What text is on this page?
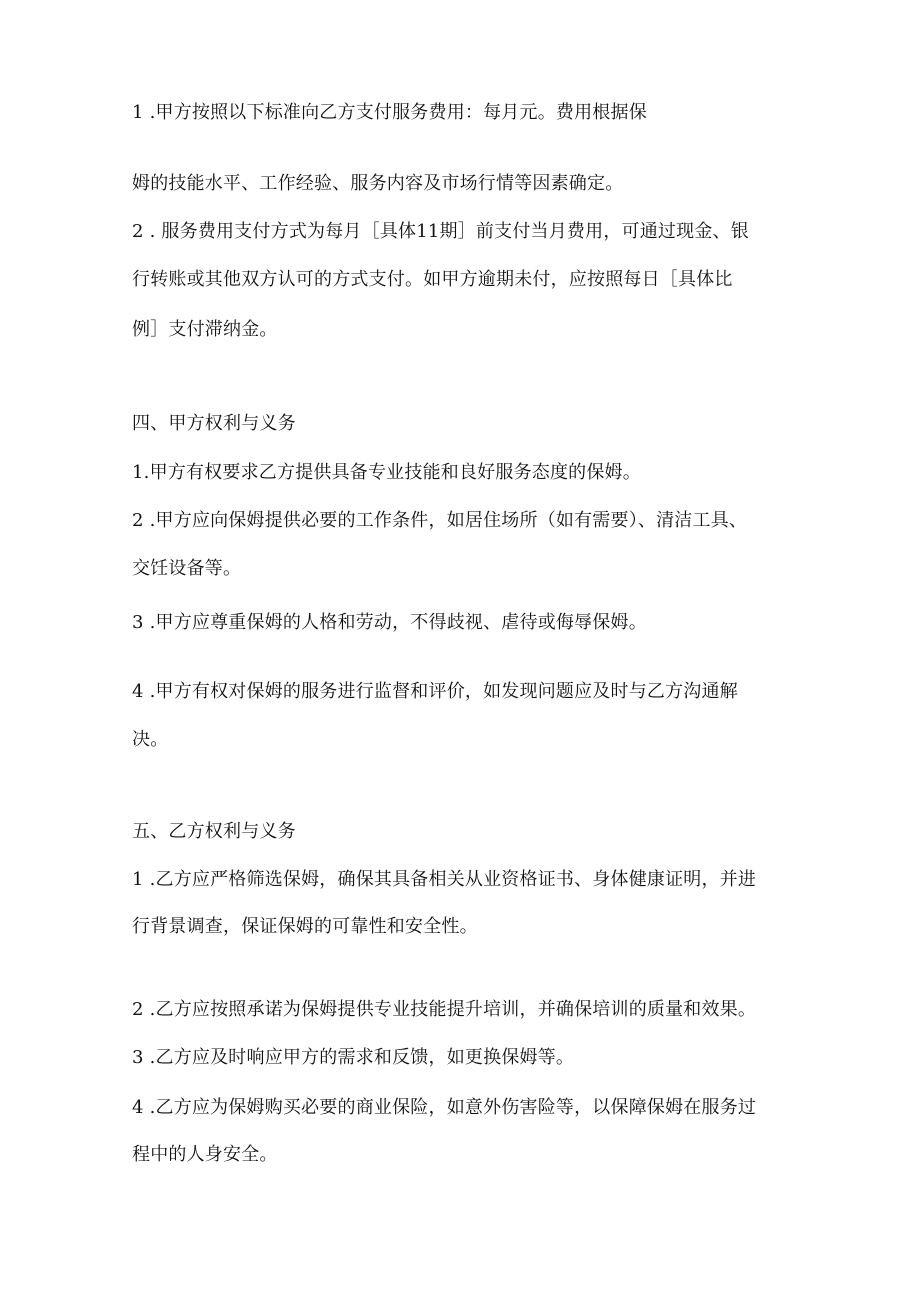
1 .甲方按照以下标准向乙方支付服务费用：每月元。费用根据保
姆的技能水平、工作经验、服务内容及市场行情等因素确定。
2 . 服务费用支付方式为每月［具体11期］前支付当月费用，可通过现金、银
行转账或其他双方认可的方式支付。如甲方逾期未付，应按照每日［具体比
例］支付滞纳金。
四、甲方权利与义务
1.甲方有权要求乙方提供具备专业技能和良好服务态度的保姆。
2 .甲方应向保姆提供必要的工作条件，如居住场所（如有需要）、清洁工具、
交饪设备等。
3 .甲方应尊重保姆的人格和劳动，不得歧视、虐待或侮辱保姆。
4 .甲方有权对保姆的服务进行监督和评价，如发现问题应及时与乙方沟通解
决。
五、乙方权利与义务
1 .乙方应严格筛选保姆，确保其具备相关从业资格证书、身体健康证明，并进
行背景调查，保证保姆的可靠性和安全性。
2 .乙方应按照承诺为保姆提供专业技能提升培训，并确保培训的质量和效果。
3 .乙方应及时响应甲方的需求和反馈，如更换保姆等。
4 .乙方应为保姆购买必要的商业保险，如意外伤害险等，以保障保姆在服务过
程中的人身安全。
